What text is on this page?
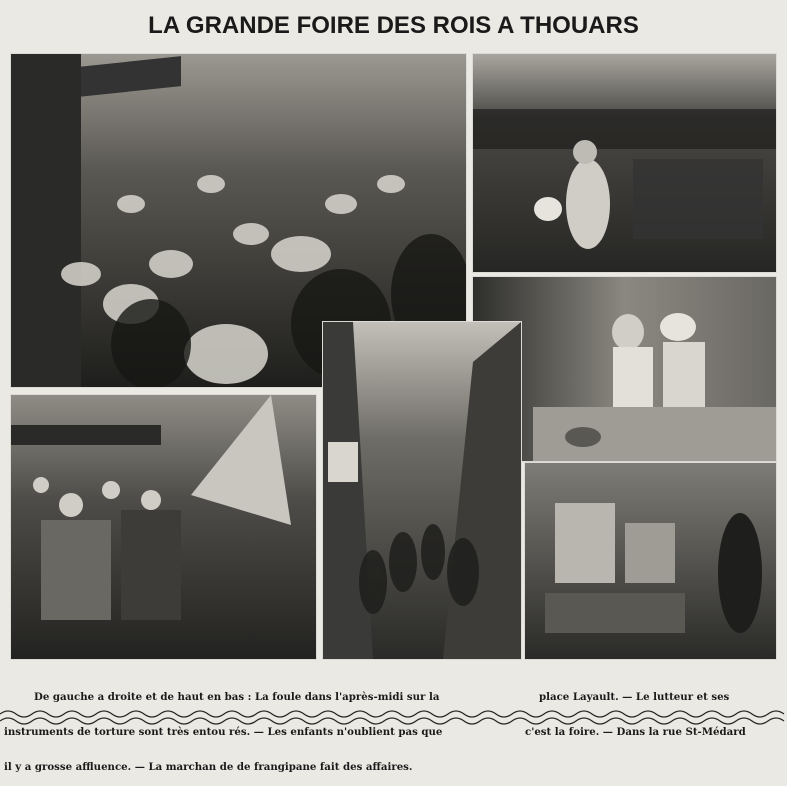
LA GRANDE FOIRE DES ROIS A THOUARS

De gauche a droite et de haut en bas : La foule dans l'après-midi sur la

instruments de torture sont très entou rés. — Les enfants n'oublient pas que

il y a grosse affluence. — La marchan de de frangipane fait des affaires.

place Layault. — Le lutteur et ses

c'est la foire. — Dans la rue St-Médard
